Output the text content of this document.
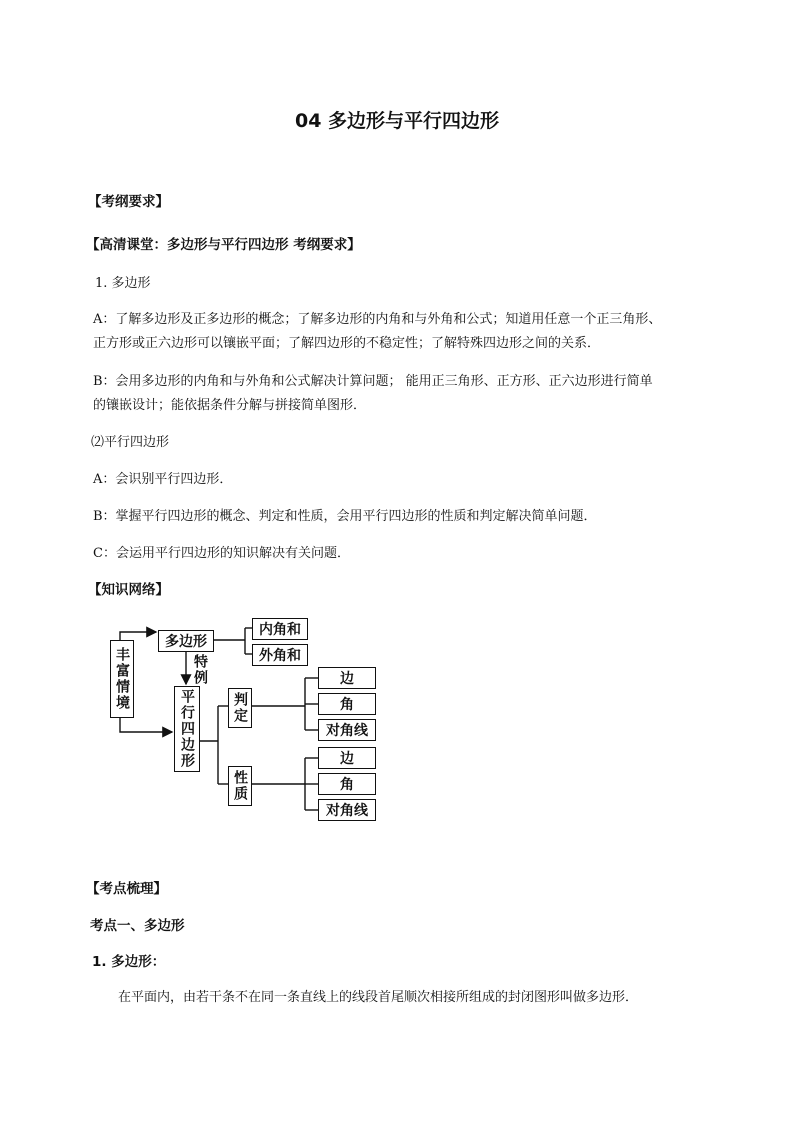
04 多边形与平行四边形
【考纲要求】
【高清课堂：多边形与平行四边形 考纲要求】
1. 多边形
A：了解多边形及正多边形的概念；了解多边形的内角和与外角和公式；知道用任意一个正三角形、
正方形或正六边形可以镶嵌平面；了解四边形的不稳定性；了解特殊四边形之间的关系．
B：会用多边形的内角和与外角和公式解决计算问题； 能用正三角形、正方形、正六边形进行简单
的镶嵌设计；能依据条件分解与拼接简单图形．
⑵平行四边形
A：会识别平行四边形．
B：掌握平行四边形的概念、判定和性质，会用平行四边形的性质和判定解决简单问题．
C：会运用平行四边形的知识解决有关问题．
【知识网络】
丰富情境
多边形
内角和
外角和
特例
平行四边形	判定
性质
边
角
对角线
边
角
对角线
【考点梳理】
考点一、多边形
1. 多边形：
在平面内，由若干条不在同一条直线上的线段首尾顺次相接所组成的封闭图形叫做多边形．
